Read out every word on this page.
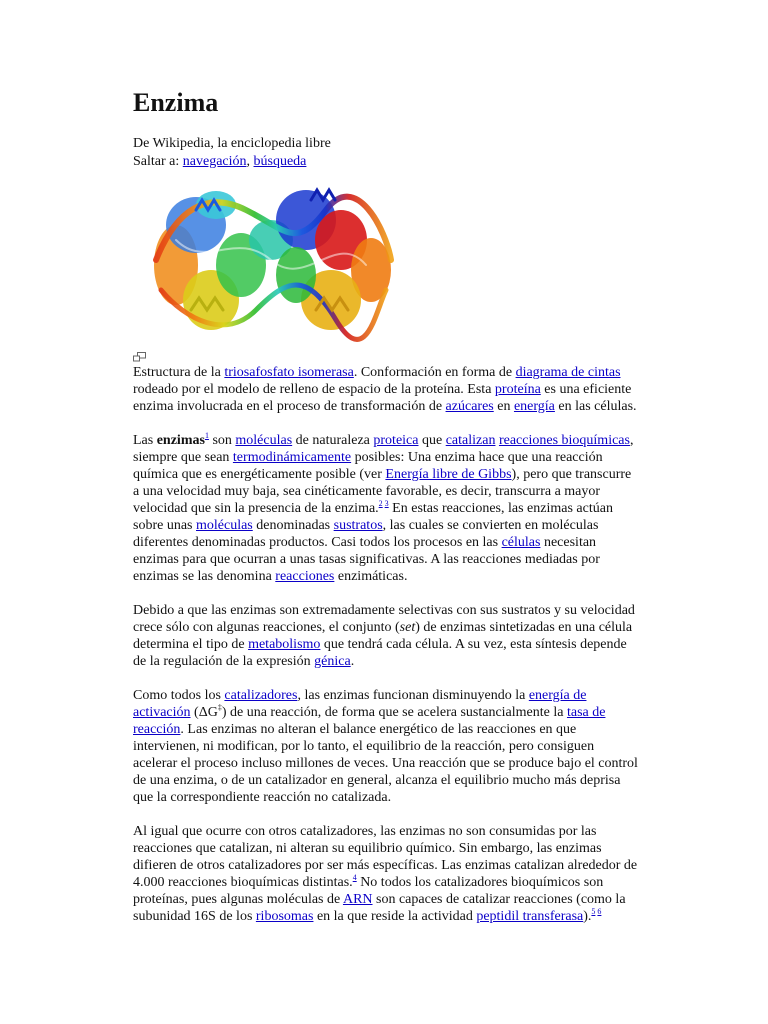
Enzima
De Wikipedia, la enciclopedia libre
Saltar a: navegación, búsqueda

Estructura de la triosafosfato isomerasa. Conformación en forma de diagrama de cintas rodeado por el modelo de relleno de espacio de la proteína. Esta proteína es una eficiente enzima involucrada en el proceso de transformación de azúcares en energía en las células.

Las enzimas$^1$ son moléculas de naturaleza proteica que catalizan reacciones bioquímicas, siempre que sean termodinámicamente posibles: Una enzima hace que una reacción química que es energéticamente posible (ver Energía libre de Gibbs), pero que transcurre a una velocidad muy baja, sea cinéticamente favorable, es decir, transcurra a mayor velocidad que sin la presencia de la enzima.$^{2 3}$ En estas reacciones, las enzimas actúan sobre unas moléculas denominadas sustratos, las cuales se convierten en moléculas diferentes denominadas productos. Casi todos los procesos en las células necesitan enzimas para que ocurran a unas tasas significativas. A las reacciones mediadas por enzimas se las denomina reacciones enzimáticas.

Debido a que las enzimas son extremadamente selectivas con sus sustratos y su velocidad crece sólo con algunas reacciones, el conjunto (set) de enzimas sintetizadas en una célula determina el tipo de metabolismo que tendrá cada célula. A su vez, esta síntesis depende de la regulación de la expresión génica.

Como todos los catalizadores, las enzimas funcionan disminuyendo la energía de activación (ΔG‡) de una reacción, de forma que se acelera sustancialmente la tasa de reacción. Las enzimas no alteran el balance energético de las reacciones en que intervienen, ni modifican, por lo tanto, el equilibrio de la reacción, pero consiguen acelerar el proceso incluso millones de veces. Una reacción que se produce bajo el control de una enzima, o de un catalizador en general, alcanza el equilibrio mucho más deprisa que la correspondiente reacción no catalizada.

Al igual que ocurre con otros catalizadores, las enzimas no son consumidas por las reacciones que catalizan, ni alteran su equilibrio químico. Sin embargo, las enzimas difieren de otros catalizadores por ser más específicas. Las enzimas catalizan alrededor de 4.000 reacciones bioquímicas distintas.$^4$ No todos los catalizadores bioquímicos son proteínas, pues algunas moléculas de ARN son capaces de catalizar reacciones (como la subunidad 16S de los ribosomas en la que reside la actividad peptidil transferasa).$^{5 6}$
